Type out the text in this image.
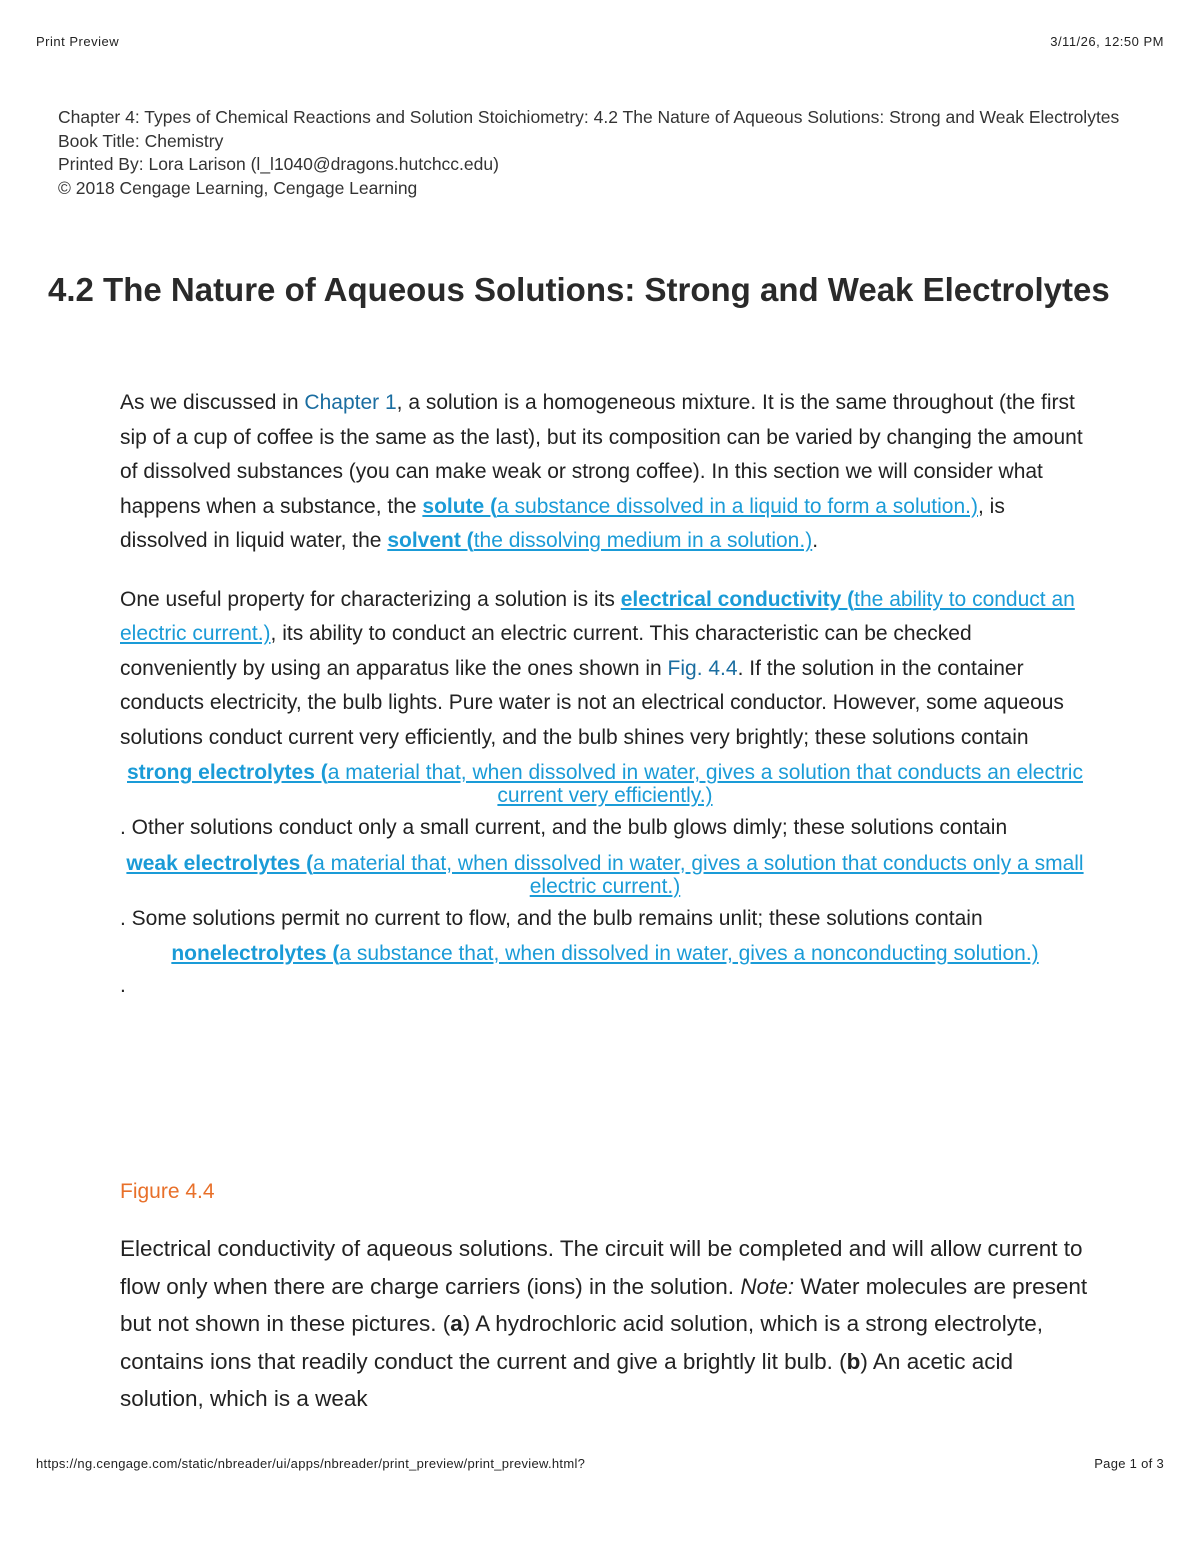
Print Preview	3/11/26, 12:50 PM
Chapter 4: Types of Chemical Reactions and Solution Stoichiometry: 4.2 The Nature of Aqueous Solutions: Strong and Weak Electrolytes
Book Title: Chemistry
Printed By: Lora Larison (l_l1040@dragons.hutchcc.edu)
© 2018 Cengage Learning, Cengage Learning
4.2 The Nature of Aqueous Solutions: Strong and Weak Electrolytes

As we discussed in Chapter 1, a solution is a homogeneous mixture. It is the same throughout (the first sip of a cup of coffee is the same as the last), but its composition can be varied by changing the amount of dissolved substances (you can make weak or strong coffee). In this section we will consider what happens when a substance, the solute (a substance dissolved in a liquid to form a solution.), is dissolved in liquid water, the solvent (the dissolving medium in a solution.).

One useful property for characterizing a solution is its electrical conductivity (the ability to conduct an electric current.), its ability to conduct an electric current. This characteristic can be checked conveniently by using an apparatus like the ones shown in Fig. 4.4. If the solution in the container conducts electricity, the bulb lights. Pure water is not an electrical conductor. However, some aqueous solutions conduct current very efficiently, and the bulb shines very brightly; these solutions contain
strong electrolytes (a material that, when dissolved in water, gives a solution that conducts an electric current very efficiently.)
. Other solutions conduct only a small current, and the bulb glows dimly; these solutions contain
weak electrolytes (a material that, when dissolved in water, gives a solution that conducts only a small electric current.)
. Some solutions permit no current to flow, and the bulb remains unlit; these solutions contain
nonelectrolytes (a substance that, when dissolved in water, gives a nonconducting solution.)
.

Figure 4.4

Electrical conductivity of aqueous solutions. The circuit will be completed and will allow current to flow only when there are charge carriers (ions) in the solution. Note: Water molecules are present but not shown in these pictures. (a) A hydrochloric acid solution, which is a strong electrolyte, contains ions that readily conduct the current and give a brightly lit bulb. (b) An acetic acid solution, which is a weak

https://ng.cengage.com/static/nbreader/ui/apps/nbreader/print_preview/print_preview.html?	Page 1 of 3
